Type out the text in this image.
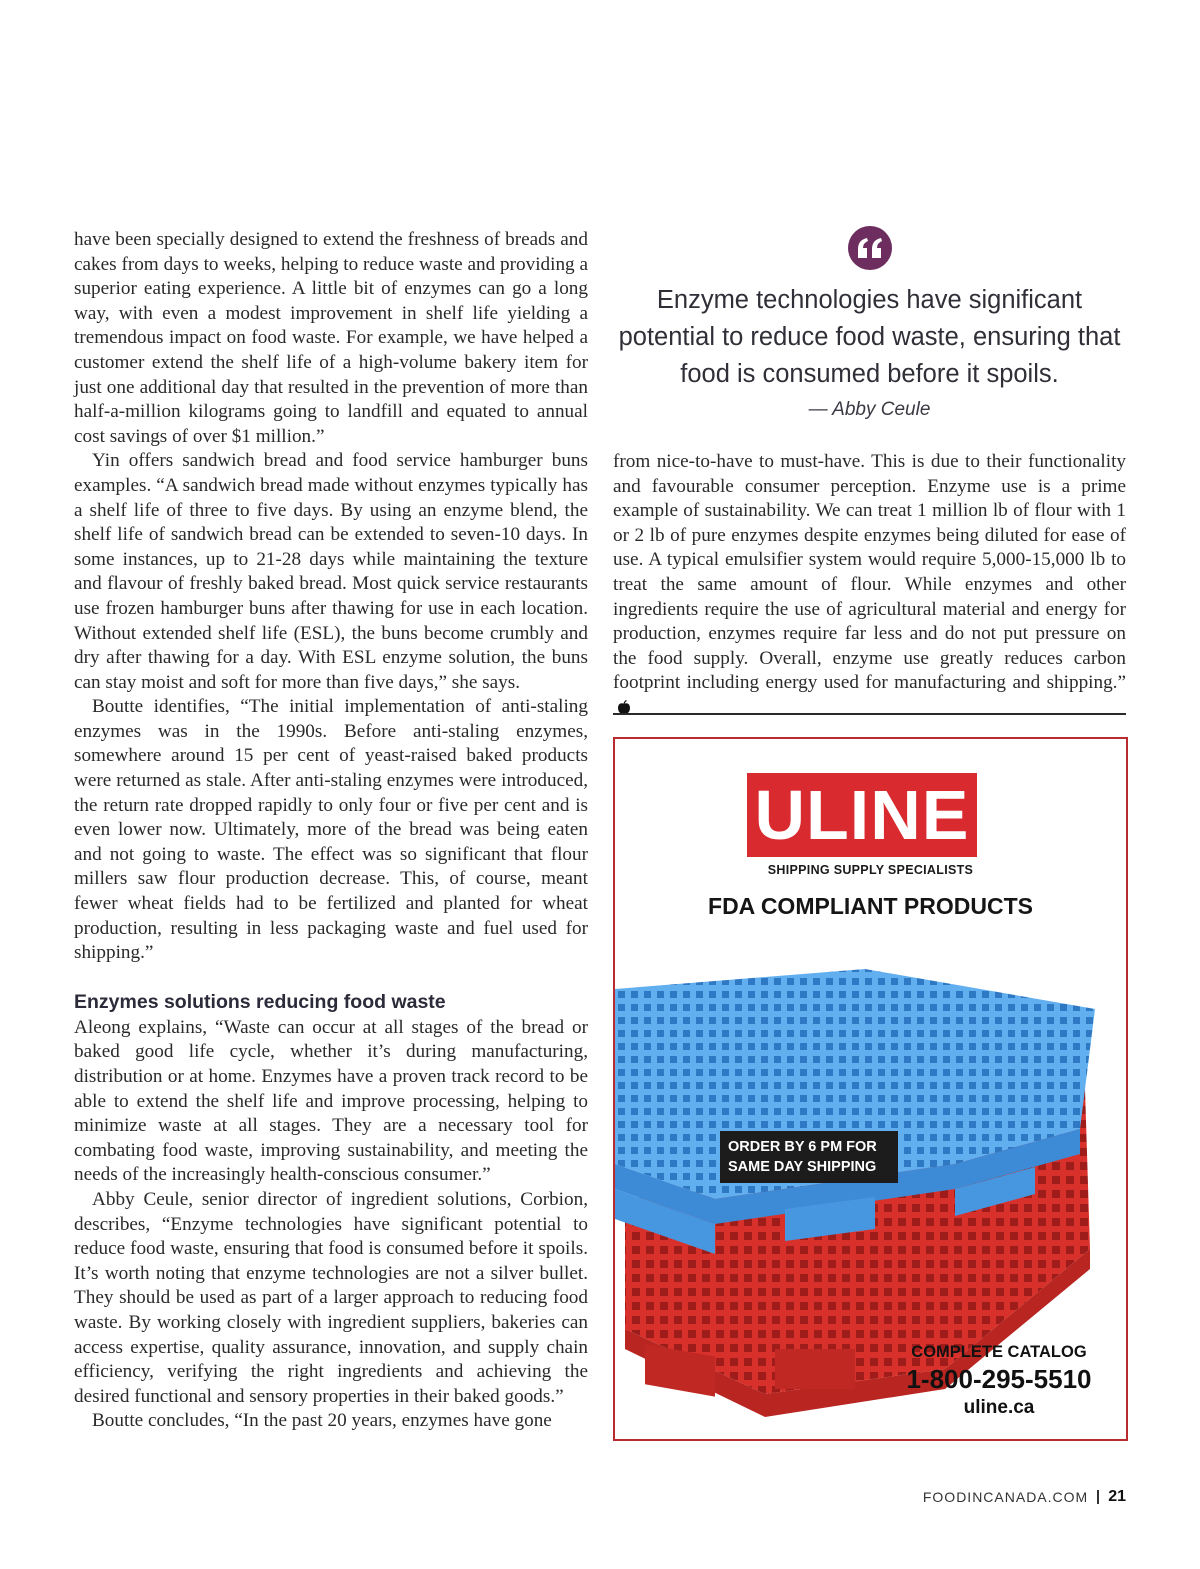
have been specially designed to extend the freshness of breads and cakes from days to weeks, helping to reduce waste and providing a superior eating experience. A little bit of enzymes can go a long way, with even a modest improvement in shelf life yielding a tremendous impact on food waste. For example, we have helped a customer extend the shelf life of a high-volume bakery item for just one additional day that resulted in the prevention of more than half-a-million kilograms going to landfill and equated to annual cost savings of over $1 million.”

Yin offers sandwich bread and food service hamburger buns examples. “A sandwich bread made without enzymes typically has a shelf life of three to five days. By using an enzyme blend, the shelf life of sandwich bread can be extended to seven-10 days. In some instances, up to 21-28 days while maintaining the texture and flavour of freshly baked bread. Most quick service restaurants use frozen hamburger buns after thawing for use in each location. Without extended shelf life (ESL), the buns become crumbly and dry after thawing for a day. With ESL enzyme solution, the buns can stay moist and soft for more than five days,” she says.

Boutte identifies, “The initial implementation of anti-staling enzymes was in the 1990s. Before anti-staling enzymes, somewhere around 15 per cent of yeast-raised baked products were returned as stale. After anti-staling enzymes were introduced, the return rate dropped rapidly to only four or five per cent and is even lower now. Ultimately, more of the bread was being eaten and not going to waste. The effect was so significant that flour millers saw flour production decrease. This, of course, meant fewer wheat fields had to be fertilized and planted for wheat production, resulting in less packaging waste and fuel used for shipping.”

Enzymes solutions reducing food waste

Aleong explains, “Waste can occur at all stages of the bread or baked good life cycle, whether it’s during manufacturing, distribution or at home. Enzymes have a proven track record to be able to extend the shelf life and improve processing, helping to minimize waste at all stages. They are a necessary tool for combating food waste, improving sustainability, and meeting the needs of the increasingly health-conscious consumer.”

Abby Ceule, senior director of ingredient solutions, Corbion, describes, “Enzyme technologies have significant potential to reduce food waste, ensuring that food is consumed before it spoils. It’s worth noting that enzyme technologies are not a silver bullet. They should be used as part of a larger approach to reducing food waste. By working closely with ingredient suppliers, bakeries can access expertise, quality assurance, innovation, and supply chain efficiency, verifying the right ingredients and achieving the desired functional and sensory properties in their baked goods.”

Boutte concludes, “In the past 20 years, enzymes have gone

Enzyme technologies have significant potential to reduce food waste, ensuring that food is consumed before it spoils.

— Abby Ceule

from nice-to-have to must-have. This is due to their functionality and favourable consumer perception. Enzyme use is a prime example of sustainability. We can treat 1 million lb of flour with 1 or 2 lb of pure enzymes despite enzymes being diluted for ease of use. A typical emulsifier system would require 5,000-15,000 lb to treat the same amount of flour. While enzymes and other ingredients require the use of agricultural material and energy for production, enzymes require far less and do not put pressure on the food supply. Overall, enzyme use greatly reduces carbon footprint including energy used for manufacturing and shipping.”

ULINE
SHIPPING SUPPLY SPECIALISTS
FDA COMPLIANT PRODUCTS
ORDER BY 6 PM FOR
SAME DAY SHIPPING
COMPLETE CATALOG
1-800-295-5510
uline.ca
FOODINCANADA.COM 21
